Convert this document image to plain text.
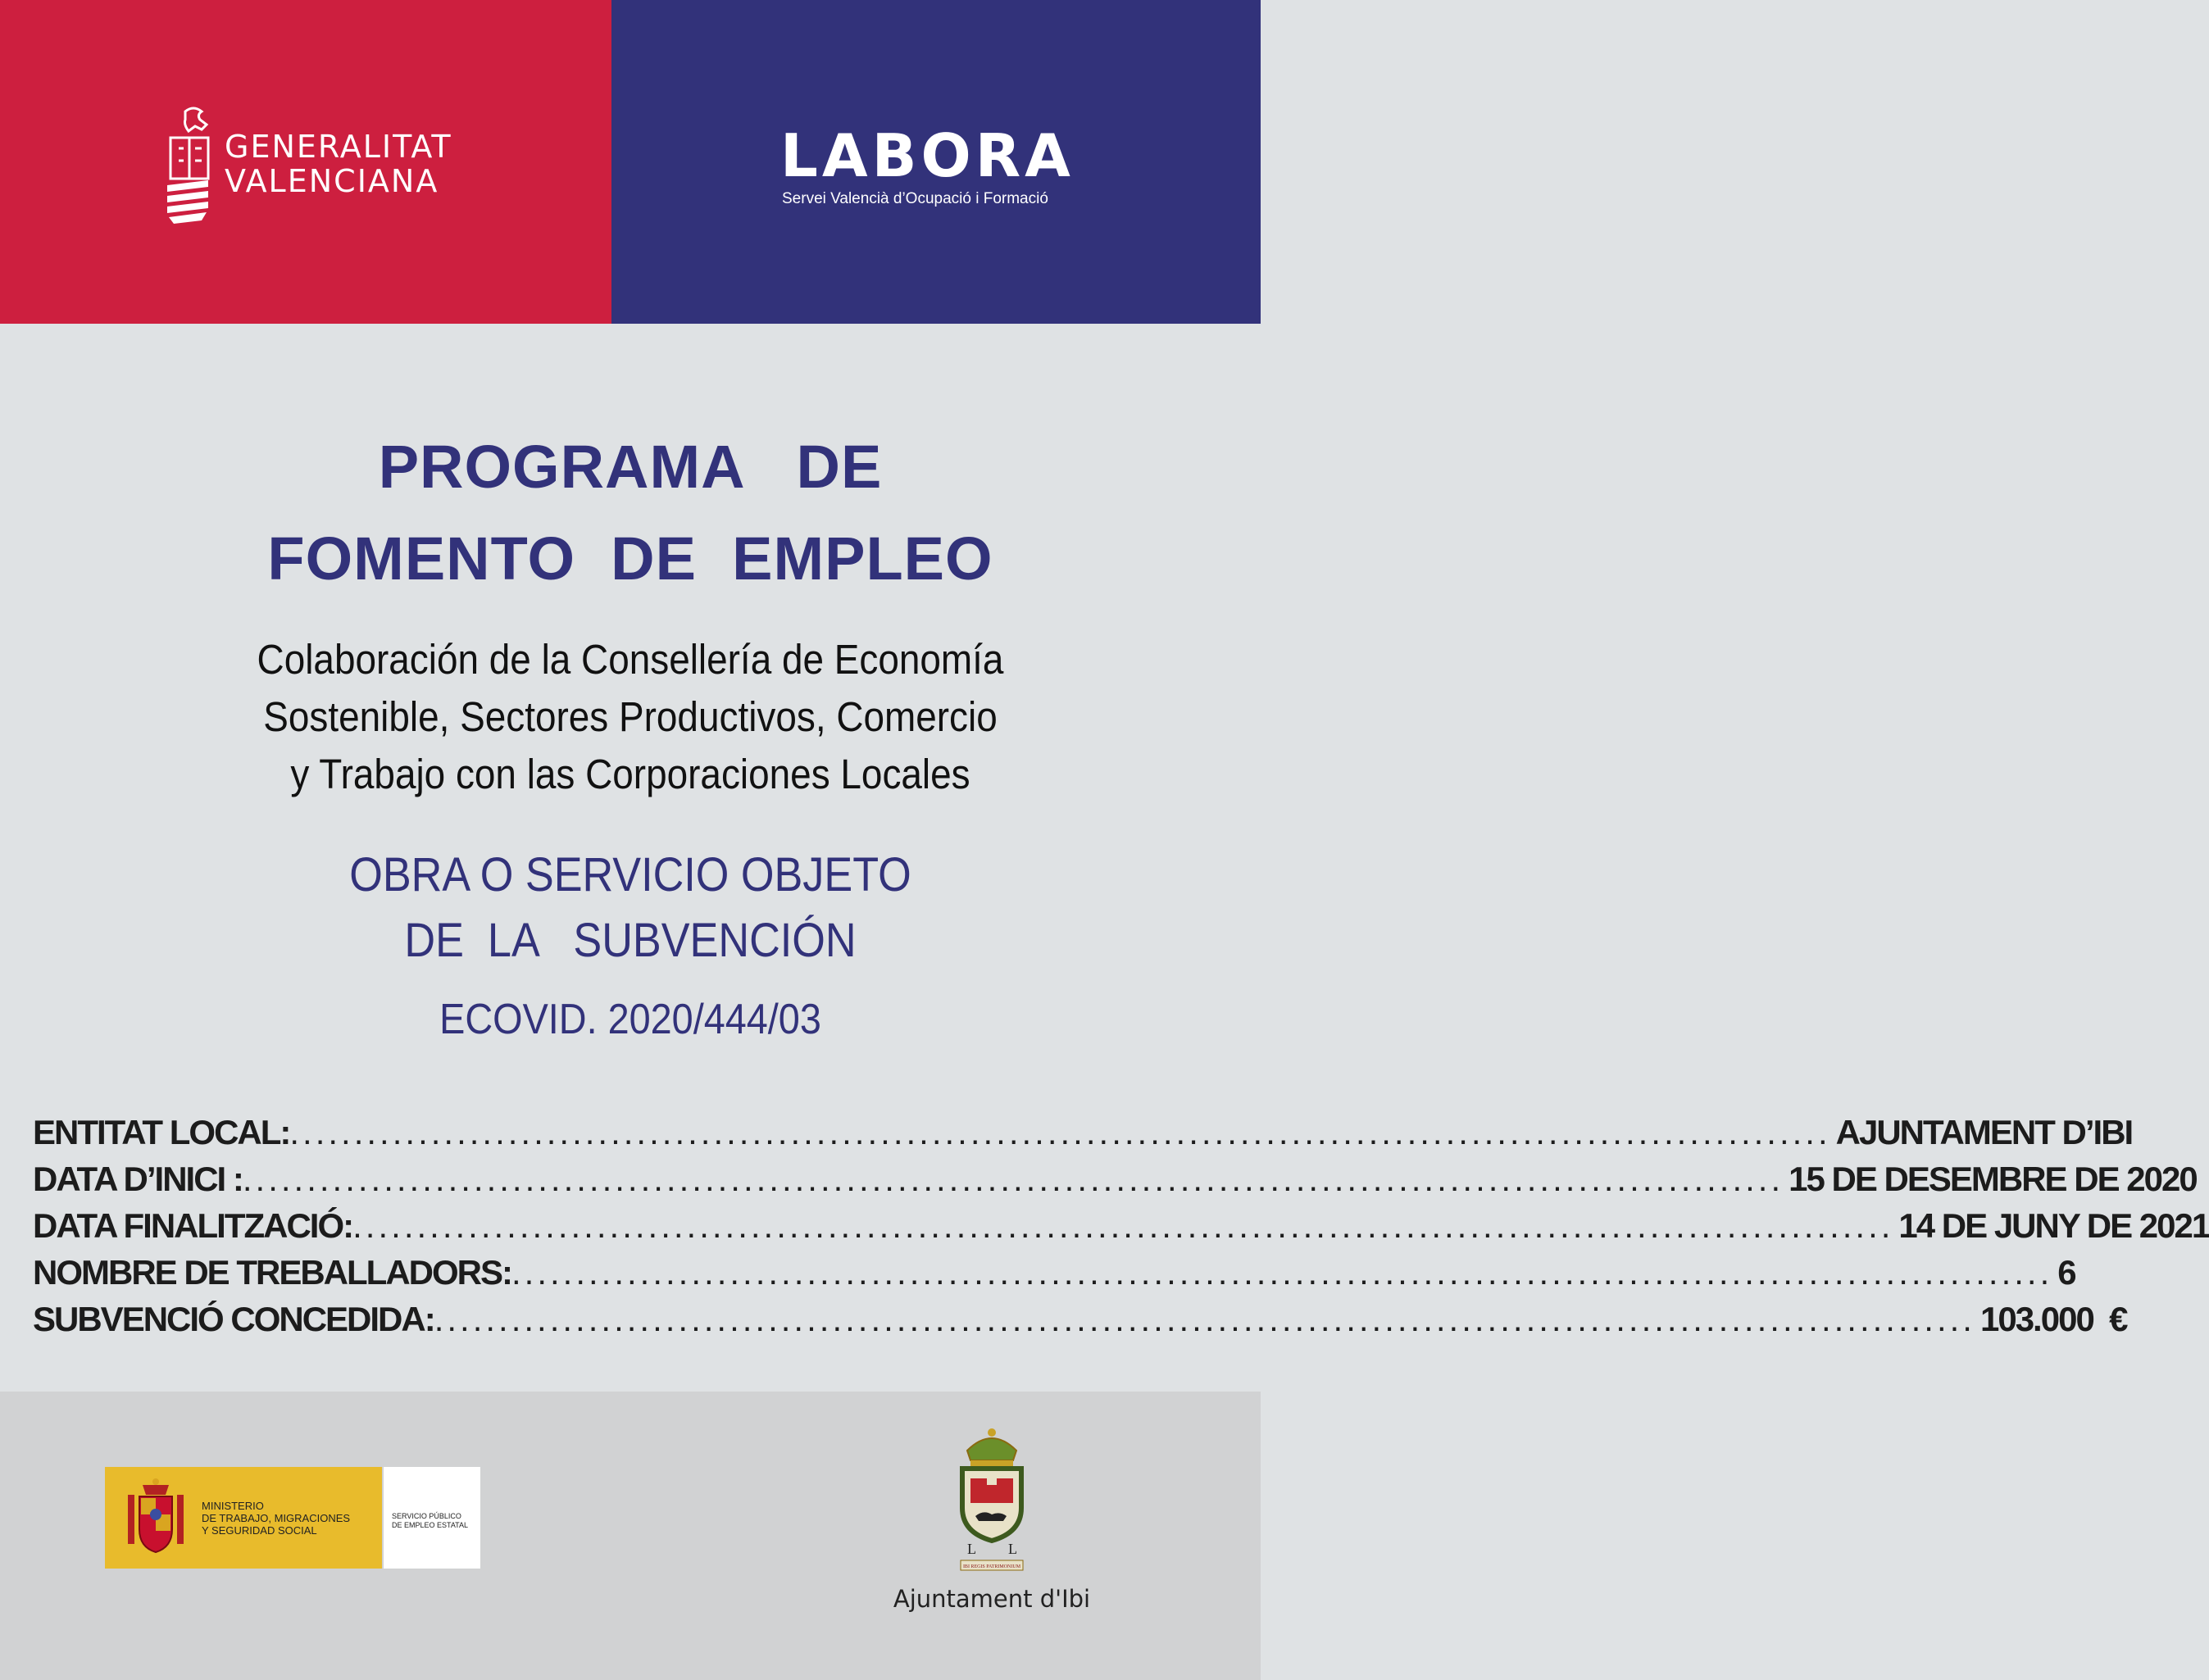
GENERALITAT
VALENCIANA	LABORA
Servei Valencià d’Ocupació i Formació
PROGRAMA   DE
FOMENTO  DE  EMPLEO
Colaboración de la Consellería de Economía
Sostenible, Sectores Productivos, Comercio
y Trabajo con las Corporaciones Locales
OBRA O SERVICIO OBJETO
DE  LA   SUBVENCIÓN
ECOVID. 2020/444/03
ENTITAT LOCAL: ........................................................................................................................ AJUNTAMENT D’IBI
DATA D’INICI : ........................................................................................................................ 15 DE DESEMBRE DE 2020
DATA FINALITZACIÓ: ........................................................................................................................ 14 DE JUNY DE 2021
NOMBRE DE TREBALLADORS: ........................................................................................................................ 6
SUBVENCIÓ CONCEDIDA: ........................................................................................................................ 103.000  €
MINISTERIO
DE TRABAJO, MIGRACIONES
Y SEGURIDAD SOCIAL
SERVICIO PÚBLICO
DE EMPLEO ESTATAL
L L
IBI REGIS PATRIMONIUM
Ajuntament d'Ibi
